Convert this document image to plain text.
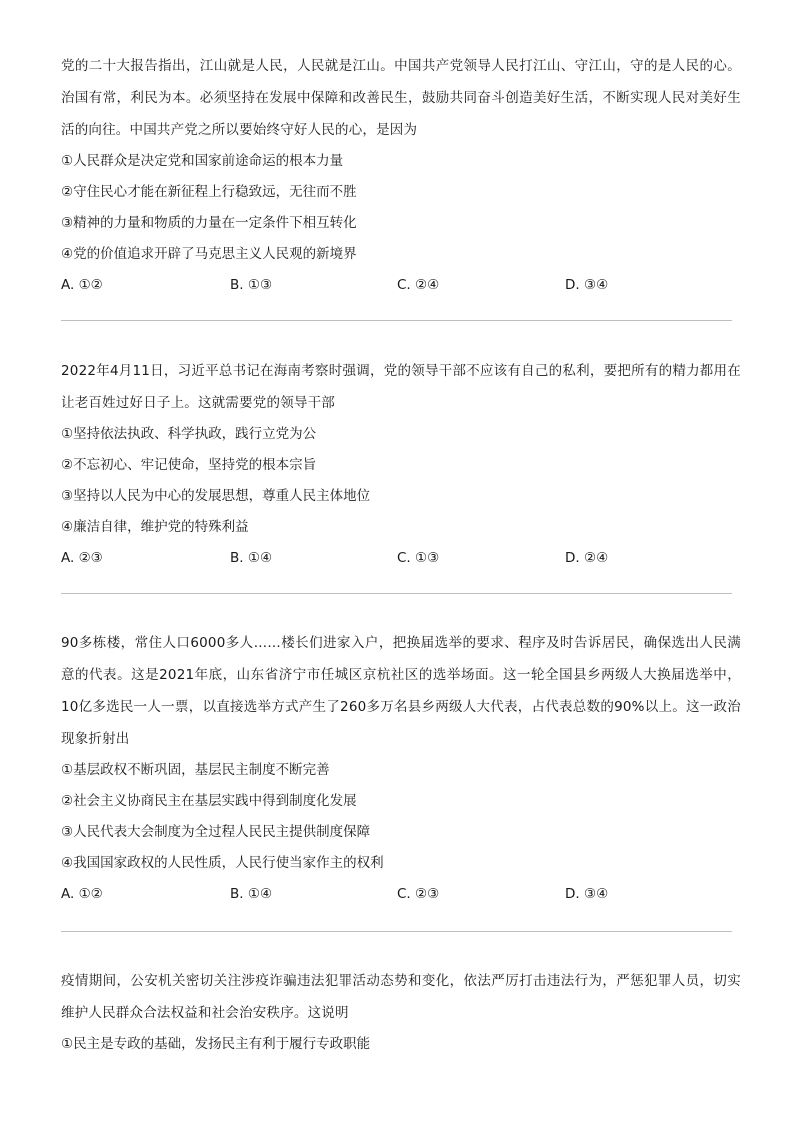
党的二十大报告指出，江山就是人民，人民就是江山。中国共产党领导人民打江山、守江山，守的是人民的心。治国有常，利民为本。必须坚持在发展中保障和改善民生，鼓励共同奋斗创造美好生活，不断实现人民对美好生活的向往。中国共产党之所以要始终守好人民的心，是因为

①人民群众是决定党和国家前途命运的根本力量

②守住民心才能在新征程上行稳致远，无往而不胜

③精神的力量和物质的力量在一定条件下相互转化

④党的价值追求开辟了马克思主义人民观的新境界

A. ①②	B. ①③	C. ②④	D. ③④

2022年4月11日，习近平总书记在海南考察时强调，党的领导干部不应该有自己的私利，要把所有的精力都用在让老百姓过好日子上。这就需要党的领导干部

①坚持依法执政、科学执政，践行立党为公

②不忘初心、牢记使命，坚持党的根本宗旨

③坚持以人民为中心的发展思想，尊重人民主体地位

④廉洁自律，维护党的特殊利益

A. ②③	B. ①④	C. ①③	D. ②④

90多栋楼，常住人口6000多人……楼长们进家入户，把换届选举的要求、程序及时告诉居民，确保选出人民满意的代表。这是2021年底，山东省济宁市任城区京杭社区的选举场面。这一轮全国县乡两级人大换届选举中，10亿多选民一人一票，以直接选举方式产生了260多万名县乡两级人大代表，占代表总数的90%以上。这一政治现象折射出

①基层政权不断巩固，基层民主制度不断完善

②社会主义协商民主在基层实践中得到制度化发展

③人民代表大会制度为全过程人民民主提供制度保障

④我国国家政权的人民性质，人民行使当家作主的权利

A. ①②	B. ①④	C. ②③	D. ③④

疫情期间，公安机关密切关注涉疫诈骗违法犯罪活动态势和变化，依法严厉打击违法行为，严惩犯罪人员，切实维护人民群众合法权益和社会治安秩序。这说明

①民主是专政的基础，发扬民主有利于履行专政职能
